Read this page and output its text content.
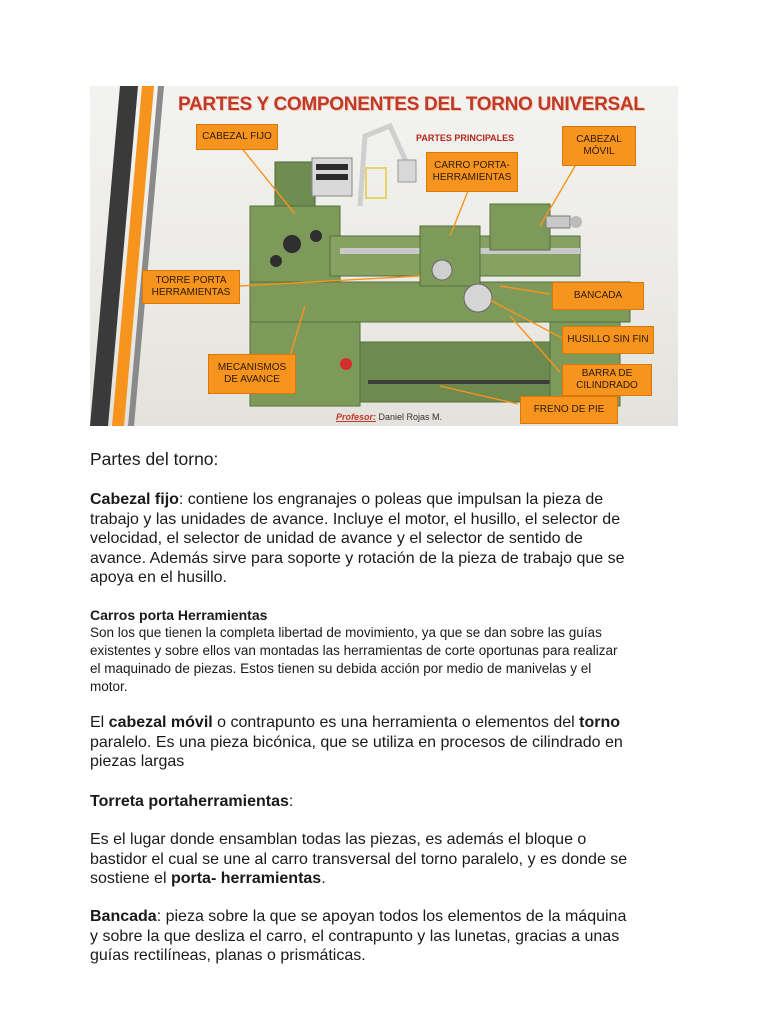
PARTES Y COMPONENTES DEL TORNO UNIVERSAL
PARTES PRINCIPALES
CABEZAL FIJO
CARRO PORTA-
HERRAMIENTAS
CABEZAL
MÓVIL
TORRE PORTA
HERRAMIENTAS	BANCADA
HUSILLO SIN FIN
MECANISMOS
DE AVANCE
BARRA DE
CILINDRADO
FRENO DE PIE
Profesor: Daniel Rojas M.
Partes del torno:
Cabezal fijo: contiene los engranajes o poleas que impulsan la pieza de trabajo y las unidades de avance. Incluye el motor, el husillo, el selector de velocidad, el selector de unidad de avance y el selector de sentido de avance. Además sirve para soporte y rotación de la pieza de trabajo que se apoya en el husillo.
Carros porta Herramientas
Son los que tienen la completa libertad de movimiento, ya que se dan sobre las guías existentes y sobre ellos van montadas las herramientas de corte oportunas para realizar el maquinado de piezas. Estos tienen su debida acción por medio de manivelas y el motor.
El cabezal móvil o contrapunto es una herramienta o elementos del torno paralelo. Es una pieza bicónica, que se utiliza en procesos de cilindrado en piezas largas
Torreta portaherramientas:
Es el lugar donde ensamblan todas las piezas, es además el bloque o bastidor el cual se une al carro transversal del torno paralelo, y es donde se sostiene el porta- herramientas.
Bancada: pieza sobre la que se apoyan todos los elementos de la máquina y sobre la que desliza el carro, el contrapunto y las lunetas, gracias a unas guías rectilíneas, planas o prismáticas.
